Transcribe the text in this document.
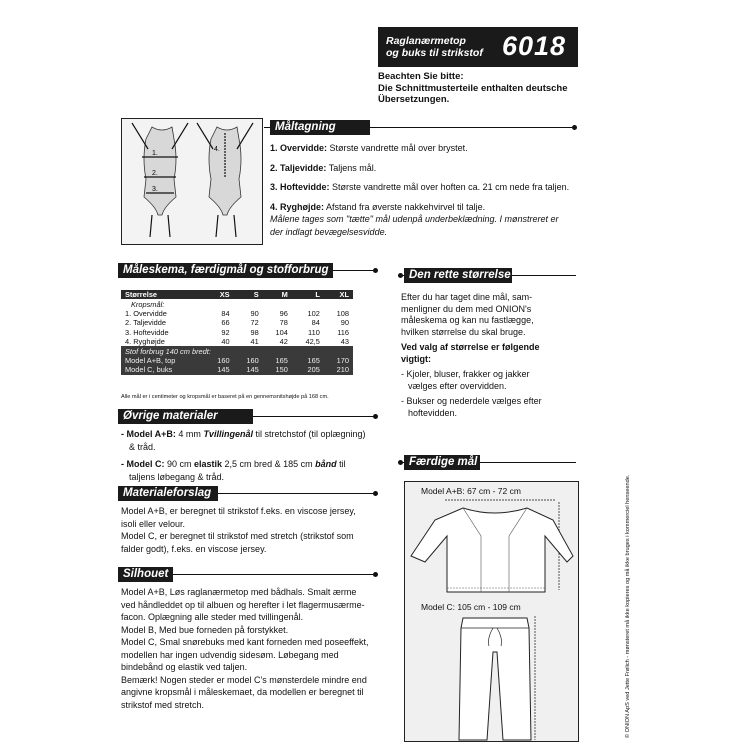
Raglanærmetop
og buks til strikstof 6018
Beachten Sie bitte:
Die Schnittmusterteile enthalten deutsche
Übersetzungen.
1.
2.
3.
4.
Måltagning
1. Overvidde: Største vandrette mål over brystet.
2. Taljevidde: Taljens mål.
3. Hoftevidde: Største vandrette mål over hoften ca. 21 cm nede fra taljen.
4. Ryghøjde: Afstand fra øverste nakkehvirvel til talje.
Målene tages som "tætte" mål udenpå underbeklædning. I mønstreret er
der indlagt bevægelsesvidde.
Måleskema, færdigmål og stofforbrug
Størrelse	XS	S	M	L	XL
Kropsmål:					
1. Overvidde	84	90	96	102	108
2. Taljevidde	66	72	78	84	90
3. Hoftevidde	92	98	104	110	116
4. Ryghøjde	40	41	42	42,5	43
Stof forbrug 140 cm bredt:					
Model A+B, top	160	160	165	165	170
Model C, buks	145	145	150	205	210
Alle mål er i centimeter og kropsmål er baseret på en gennemsnitshøjde på 168 cm.
Øvrige materialer
- Model A+B: 4 mm Tvillingenål til stretchstof (til oplægning)
& tråd.
- Model C: 90 cm elastik 2,5 cm bred & 185 cm bånd til
taljens løbegang & tråd.
Materialeforslag
Model A+B, er beregnet til strikstof f.eks. en viscose jersey,
isoli eller velour.
Model C, er beregnet til strikstof med stretch (strikstof som
falder godt), f.eks. en viscose jersey.
Silhouet
Model A+B, Løs raglanærmetop med bådhals. Smalt ærme
ved håndleddet op til albuen og herefter i let flagermusærme-
facon. Oplægning alle steder med tvillingenål.
Model B, Med bue forneden på forstykket.
Model C, Smal snørebuks med kant forneden med poseeffekt,
modellen har ingen udvendig sidesøm. Løbegang med
bindebånd og elastik ved taljen.
Bemærk! Nogen steder er model C's mønsterdele mindre end
angivne kropsmål i måleskemaet, da modellen er beregnet til
strikstof med stretch.
Den rette størrelse
Efter du har taget dine mål, sam-
menligner du dem med ONION's
måleskema og kan nu fastlægge,
hvilken størrelse du skal bruge.
Ved valg af størrelse er følgende
vigtigt:
- Kjoler, bluser, frakker og jakker
vælges efter overvidden.
- Bukser og nederdele vælges efter
hoftevidden.
Færdige mål
Model A+B: 67 cm - 72 cm
Model C: 105 cm - 109 cm	© ONION ApS ved Jette Frølich - mønsteret må ikke kopieres og må ikke bruges i kommerciel henseende.
